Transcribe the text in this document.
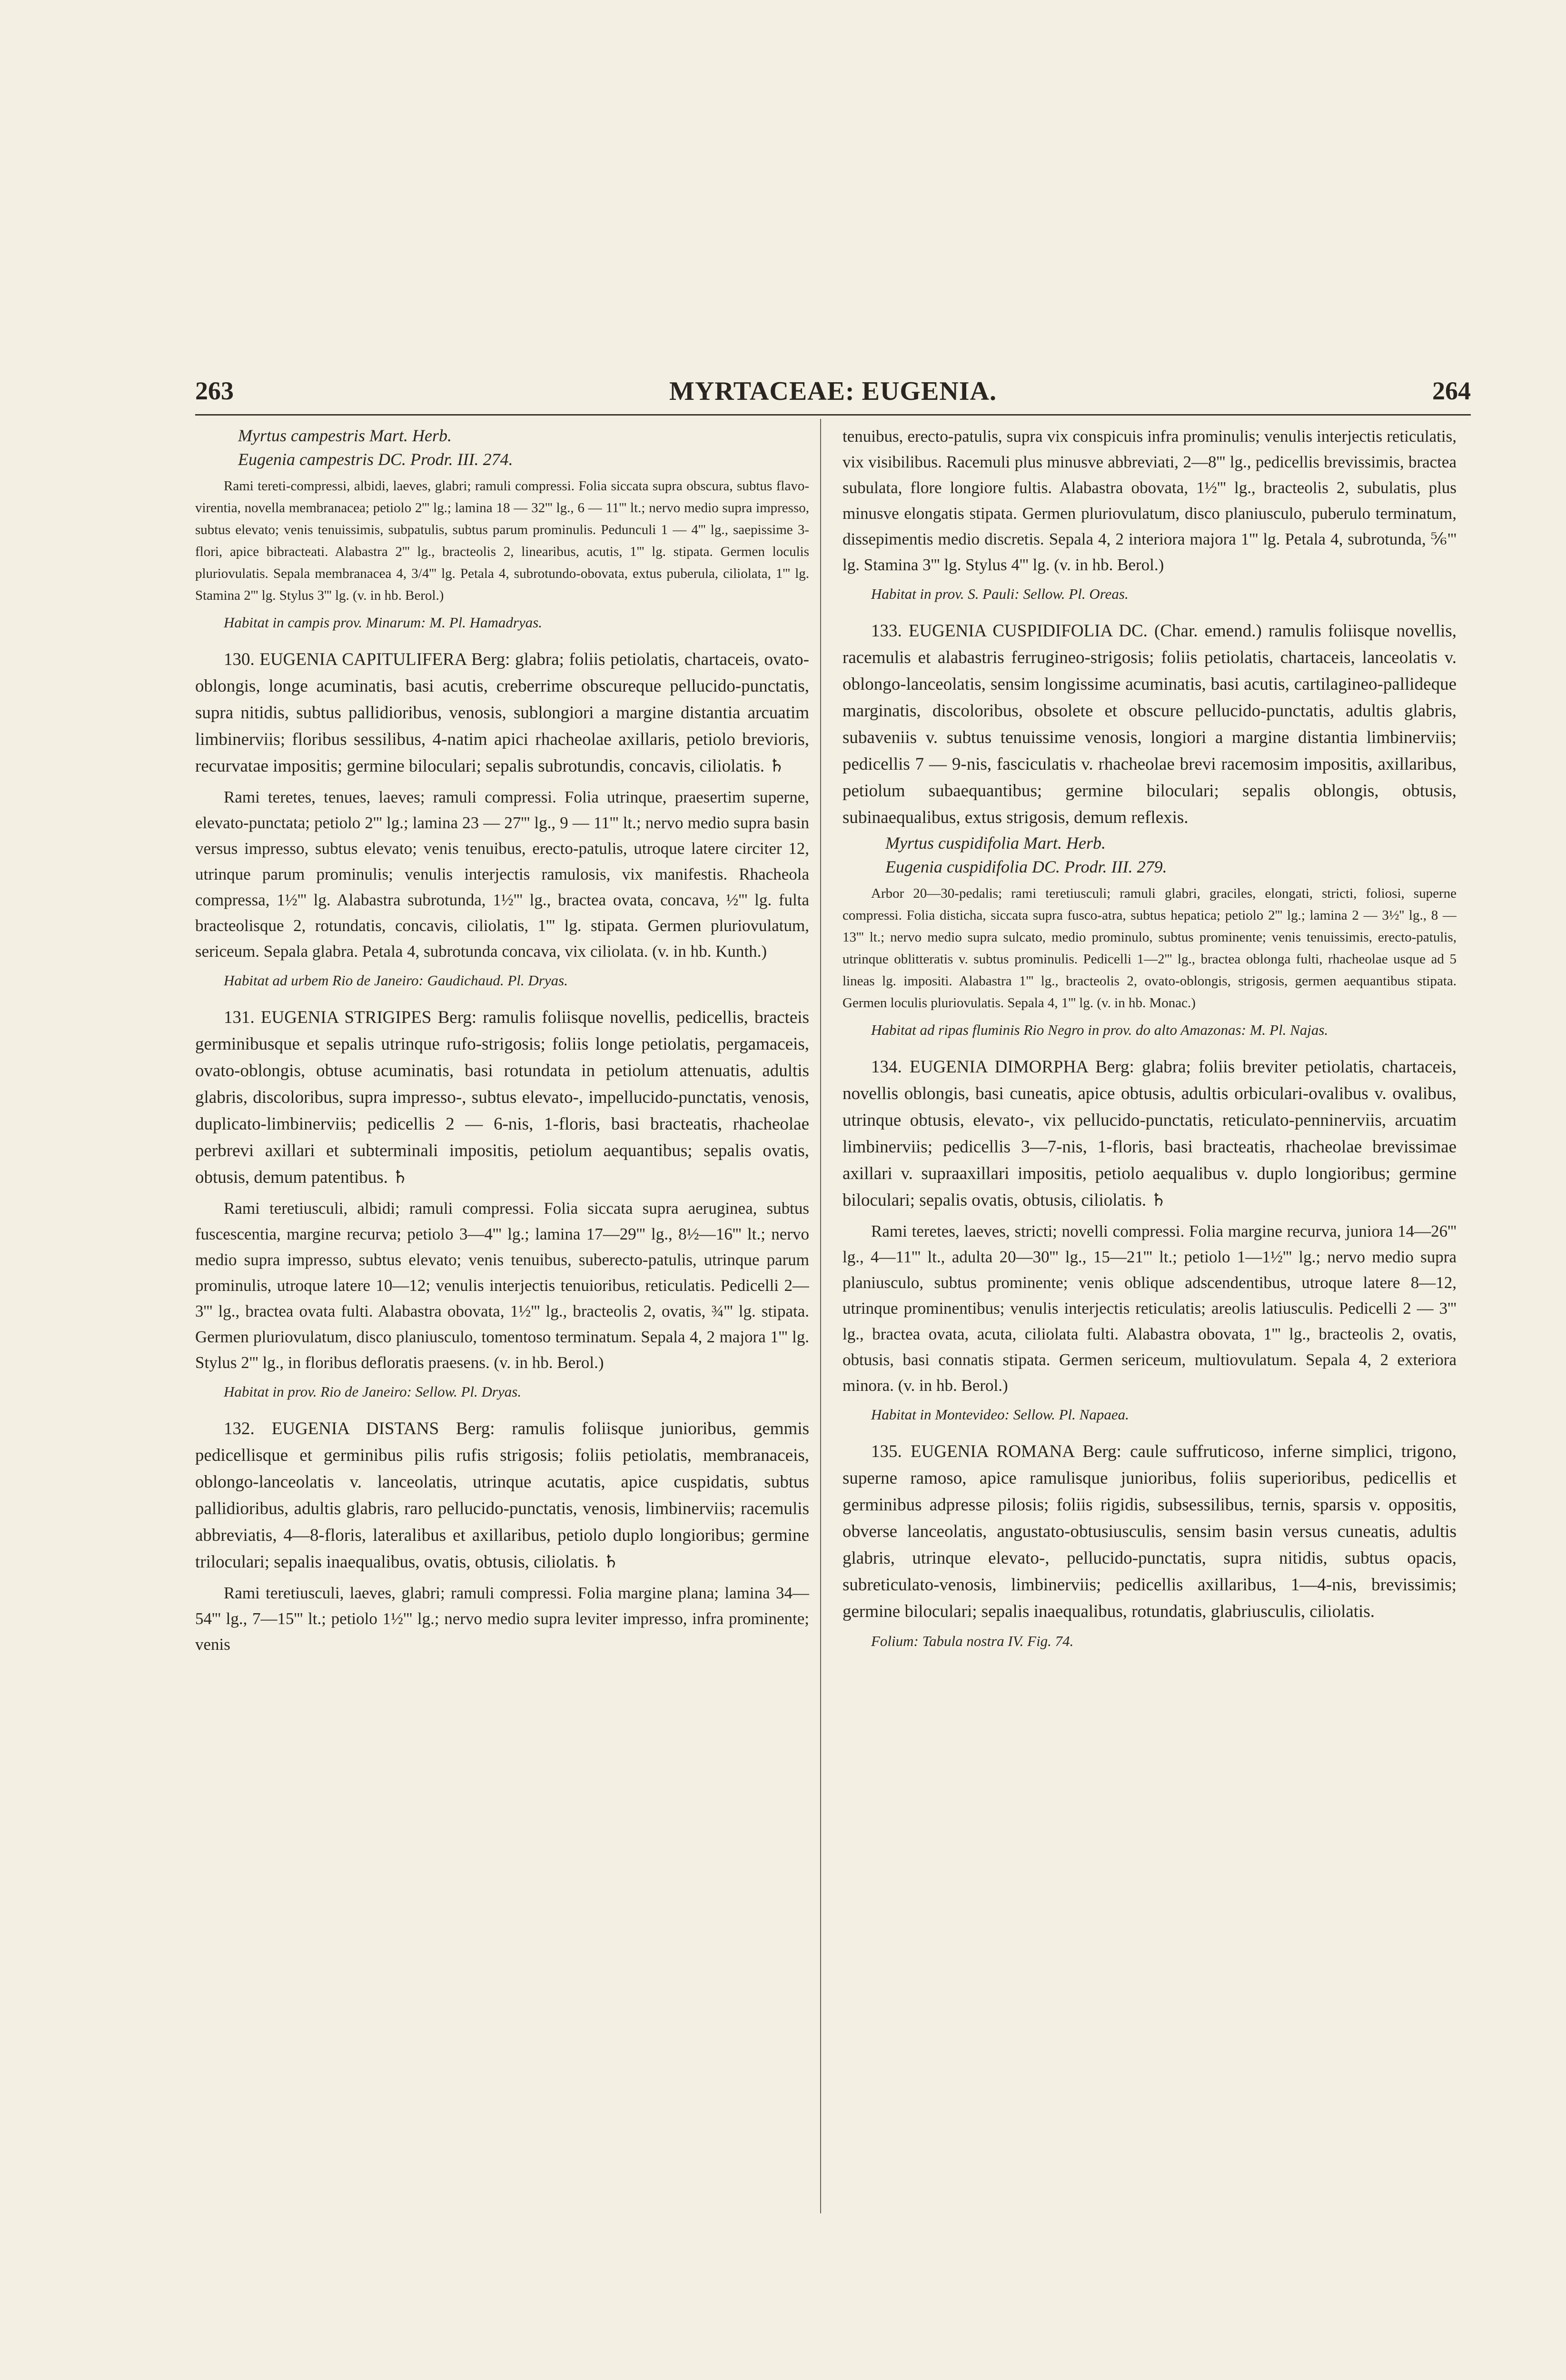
263	MYRTACEAE: EUGENIA.	264

Myrtus campestris Mart. Herb.

Eugenia campestris DC. Prodr. III. 274.

Rami tereti-compressi, albidi, laeves, glabri; ramuli compressi. Folia siccata supra obscura, subtus flavo-virentia, novella membranacea; petiolo 2''' lg.; lamina 18 — 32''' lg., 6 — 11''' lt.; nervo medio supra impresso, subtus elevato; venis tenuissimis, subpatulis, subtus parum prominulis. Pedunculi 1 — 4''' lg., saepissime 3-flori, apice bibracteati. Alabastra 2''' lg., bracteolis 2, linearibus, acutis, 1''' lg. stipata. Germen loculis pluriovulatis. Sepala membranacea 4, 3/4''' lg. Petala 4, subrotundo-obovata, extus puberula, ciliolata, 1''' lg. Stamina 2''' lg. Stylus 3''' lg. (v. in hb. Berol.)

Habitat in campis prov. Minarum: M. Pl. Hamadryas.

130. EUGENIA CAPITULIFERA Berg: glabra; foliis petiolatis, chartaceis, ovato-oblongis, longe acuminatis, basi acutis, creberrime obscureque pellucido-punctatis, supra nitidis, subtus pallidioribus, venosis, sublongiori a margine distantia arcuatim limbinerviis; floribus sessilibus, 4-natim apici rhacheolae axillaris, petiolo brevioris, recurvatae impositis; germine biloculari; sepalis subrotundis, concavis, ciliolatis. ♄

Rami teretes, tenues, laeves; ramuli compressi. Folia utrinque, praesertim superne, elevato-punctata; petiolo 2''' lg.; lamina 23 — 27''' lg., 9 — 11''' lt.; nervo medio supra basin versus impresso, subtus elevato; venis tenuibus, erecto-patulis, utroque latere circiter 12, utrinque parum prominulis; venulis interjectis ramulosis, vix manifestis. Rhacheola compressa, 1½''' lg. Alabastra subrotunda, 1½''' lg., bractea ovata, concava, ½''' lg. fulta bracteolisque 2, rotundatis, concavis, ciliolatis, 1''' lg. stipata. Germen pluriovulatum, sericeum. Sepala glabra. Petala 4, subrotunda concava, vix ciliolata. (v. in hb. Kunth.)

Habitat ad urbem Rio de Janeiro: Gaudichaud. Pl. Dryas.

131. EUGENIA STRIGIPES Berg: ramulis foliisque novellis, pedicellis, bracteis germinibusque et sepalis utrinque rufo-strigosis; foliis longe petiolatis, pergamaceis, ovato-oblongis, obtuse acuminatis, basi rotundata in petiolum attenuatis, adultis glabris, discoloribus, supra impresso-, subtus elevato-, impellucido-punctatis, venosis, duplicato-limbinerviis; pedicellis 2 — 6-nis, 1-floris, basi bracteatis, rhacheolae perbrevi axillari et subterminali impositis, petiolum aequantibus; sepalis ovatis, obtusis, demum patentibus. ♄

Rami teretiusculi, albidi; ramuli compressi. Folia siccata supra aeruginea, subtus fuscescentia, margine recurva; petiolo 3—4''' lg.; lamina 17—29''' lg., 8½—16''' lt.; nervo medio supra impresso, subtus elevato; venis tenuibus, suberecto-patulis, utrinque parum prominulis, utroque latere 10—12; venulis interjectis tenuioribus, reticulatis. Pedicelli 2—3''' lg., bractea ovata fulti. Alabastra obovata, 1½''' lg., bracteolis 2, ovatis, ¾''' lg. stipata. Germen pluriovulatum, disco planiusculo, tomentoso terminatum. Sepala 4, 2 majora 1''' lg. Stylus 2''' lg., in floribus defloratis praesens. (v. in hb. Berol.)

Habitat in prov. Rio de Janeiro: Sellow. Pl. Dryas.

132. EUGENIA DISTANS Berg: ramulis foliisque junioribus, gemmis pedicellisque et germinibus pilis rufis strigosis; foliis petiolatis, membranaceis, oblongo-lanceolatis v. lanceolatis, utrinque acutatis, apice cuspidatis, subtus pallidioribus, adultis glabris, raro pellucido-punctatis, venosis, limbinerviis; racemulis abbreviatis, 4—8-floris, lateralibus et axillaribus, petiolo duplo longioribus; germine triloculari; sepalis inaequalibus, ovatis, obtusis, ciliolatis. ♄

Rami teretiusculi, laeves, glabri; ramuli compressi. Folia margine plana; lamina 34—54''' lg., 7—15''' lt.; petiolo 1½''' lg.; nervo medio supra leviter impresso, infra prominente; venis

tenuibus, erecto-patulis, supra vix conspicuis infra prominulis; venulis interjectis reticulatis, vix visibilibus. Racemuli plus minusve abbreviati, 2—8''' lg., pedicellis brevissimis, bractea subulata, flore longiore fultis. Alabastra obovata, 1½''' lg., bracteolis 2, subulatis, plus minusve elongatis stipata. Germen pluriovulatum, disco planiusculo, puberulo terminatum, dissepimentis medio discretis. Sepala 4, 2 interiora majora 1''' lg. Petala 4, subrotunda, ⅚''' lg. Stamina 3''' lg. Stylus 4''' lg. (v. in hb. Berol.)

Habitat in prov. S. Pauli: Sellow. Pl. Oreas.

133. EUGENIA CUSPIDIFOLIA DC. (Char. emend.) ramulis foliisque novellis, racemulis et alabastris ferrugineo-strigosis; foliis petiolatis, chartaceis, lanceolatis v. oblongo-lanceolatis, sensim longissime acuminatis, basi acutis, cartilagineo-pallideque marginatis, discoloribus, obsolete et obscure pellucido-punctatis, adultis glabris, subaveniis v. subtus tenuissime venosis, longiori a margine distantia limbinerviis; pedicellis 7 — 9-nis, fasciculatis v. rhacheolae brevi racemosim impositis, axillaribus, petiolum subaequantibus; germine biloculari; sepalis oblongis, obtusis, subinaequalibus, extus strigosis, demum reflexis.

Myrtus cuspidifolia Mart. Herb.

Eugenia cuspidifolia DC. Prodr. III. 279.

Arbor 20—30-pedalis; rami teretiusculi; ramuli glabri, graciles, elongati, stricti, foliosi, superne compressi. Folia disticha, siccata supra fusco-atra, subtus hepatica; petiolo 2''' lg.; lamina 2 — 3½'' lg., 8 — 13''' lt.; nervo medio supra sulcato, medio prominulo, subtus prominente; venis tenuissimis, erecto-patulis, utrinque oblitteratis v. subtus prominulis. Pedicelli 1—2''' lg., bractea oblonga fulti, rhacheolae usque ad 5 lineas lg. impositi. Alabastra 1''' lg., bracteolis 2, ovato-oblongis, strigosis, germen aequantibus stipata. Germen loculis pluriovulatis. Sepala 4, 1''' lg. (v. in hb. Monac.)

Habitat ad ripas fluminis Rio Negro in prov. do alto Amazonas: M. Pl. Najas.

134. EUGENIA DIMORPHA Berg: glabra; foliis breviter petiolatis, chartaceis, novellis oblongis, basi cuneatis, apice obtusis, adultis orbiculari-ovalibus v. ovalibus, utrinque obtusis, elevato-, vix pellucido-punctatis, reticulato-penninerviis, arcuatim limbinerviis; pedicellis 3—7-nis, 1-floris, basi bracteatis, rhacheolae brevissimae axillari v. supraaxillari impositis, petiolo aequalibus v. duplo longioribus; germine biloculari; sepalis ovatis, obtusis, ciliolatis. ♄

Rami teretes, laeves, stricti; novelli compressi. Folia margine recurva, juniora 14—26''' lg., 4—11''' lt., adulta 20—30''' lg., 15—21''' lt.; petiolo 1—1½''' lg.; nervo medio supra planiusculo, subtus prominente; venis oblique adscendentibus, utroque latere 8—12, utrinque prominentibus; venulis interjectis reticulatis; areolis latiusculis. Pedicelli 2 — 3''' lg., bractea ovata, acuta, ciliolata fulti. Alabastra obovata, 1''' lg., bracteolis 2, ovatis, obtusis, basi connatis stipata. Germen sericeum, multiovulatum. Sepala 4, 2 exteriora minora. (v. in hb. Berol.)

Habitat in Montevideo: Sellow. Pl. Napaea.

135. EUGENIA ROMANA Berg: caule suffruticoso, inferne simplici, trigono, superne ramoso, apice ramulisque junioribus, foliis superioribus, pedicellis et germinibus adpresse pilosis; foliis rigidis, subsessilibus, ternis, sparsis v. oppositis, obverse lanceolatis, angustato-obtusiusculis, sensim basin versus cuneatis, adultis glabris, utrinque elevato-, pellucido-punctatis, supra nitidis, subtus opacis, subreticulato-venosis, limbinerviis; pedicellis axillaribus, 1—4-nis, brevissimis; germine biloculari; sepalis inaequalibus, rotundatis, glabriusculis, ciliolatis.

Folium: Tabula nostra IV. Fig. 74.
